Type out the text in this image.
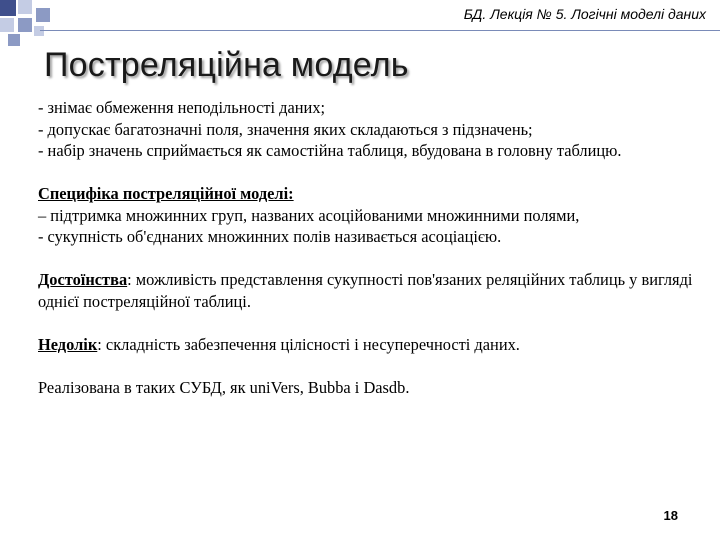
БД. Лекція № 5. Логічні моделі даних
Постреляційна модель

- знімає обмеження неподільності даних;

- допускає багатозначні поля, значення яких складаються з підзначень;

- набір значень сприймається як самостійна таблиця, вбудована в головну таблицю.

Специфіка постреляційної моделі:

– підтримка множинних груп, названих асоційованими множинними полями,

- сукупність об'єднаних множинних полів називається асоціацією.

Достоїнства: можливість представлення сукупності пов'язаних реляційних таблиць у вигляді однієї постреляційної таблиці.

Недолік: складність забезпечення цілісності і несуперечності даних.

Реалізована в таких СУБД, як uniVers, Bubba і Dasdb.

18
